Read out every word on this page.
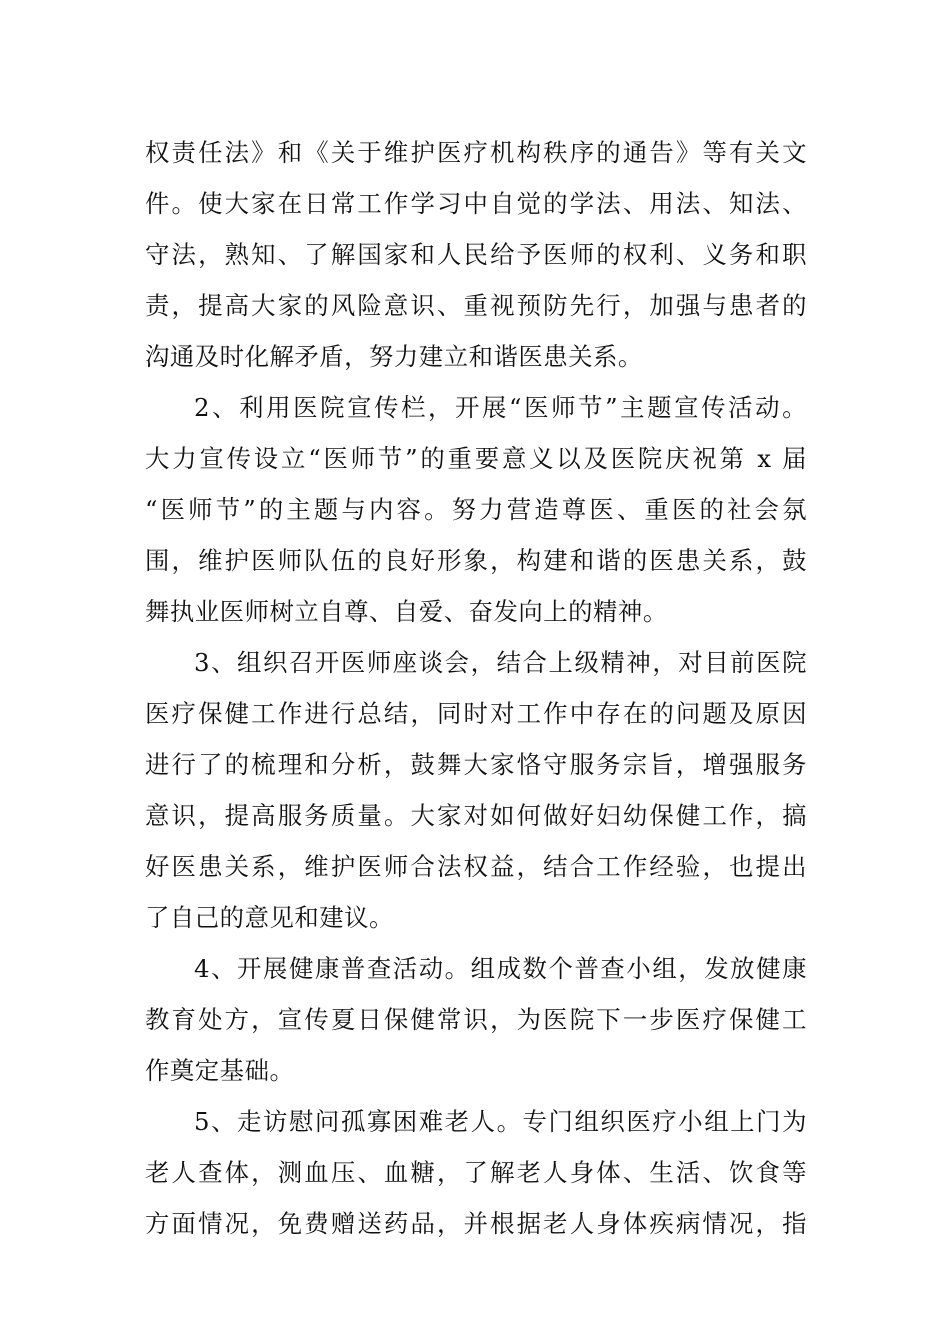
权责任法》和《关于维护医疗机构秩序的通告》等有关文
件。使大家在日常工作学习中自觉的学法、用法、知法、
守法，熟知、了解国家和人民给予医师的权利、义务和职
责，提高大家的风险意识、重视预防先行，加强与患者的
沟通及时化解矛盾，努力建立和谐医患关系。
2、利用医院宣传栏，开展“医师节”主题宣传活动。
大力宣传设立“医师节”的重要意义以及医院庆祝第 x 届
“医师节”的主题与内容。努力营造尊医、重医的社会氛
围，维护医师队伍的良好形象，构建和谐的医患关系，鼓
舞执业医师树立自尊、自爱、奋发向上的精神。
3、组织召开医师座谈会，结合上级精神，对目前医院
医疗保健工作进行总结，同时对工作中存在的问题及原因
进行了的梳理和分析，鼓舞大家恪守服务宗旨，增强服务
意识，提高服务质量。大家对如何做好妇幼保健工作，搞
好医患关系，维护医师合法权益，结合工作经验，也提出
了自己的意见和建议。
4、开展健康普查活动。组成数个普查小组，发放健康
教育处方，宣传夏日保健常识，为医院下一步医疗保健工
作奠定基础。
5、走访慰问孤寡困难老人。专门组织医疗小组上门为
老人查体，测血压、血糖，了解老人身体、生活、饮食等
方面情况，免费赠送药品，并根据老人身体疾病情况，指
